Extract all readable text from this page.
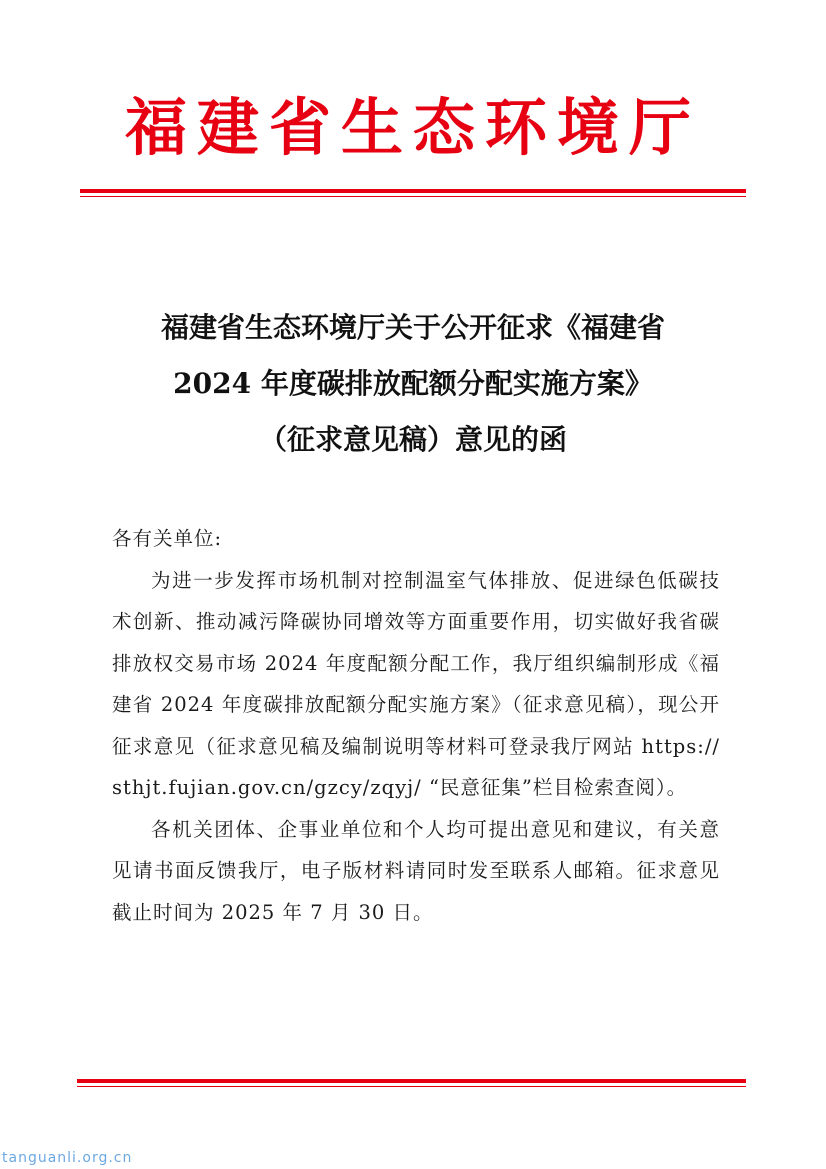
福建省生态环境厅
福建省生态环境厅关于公开征求《福建省
2024 年度碳排放配额分配实施方案》
（征求意见稿）意见的函

各有关单位:

为进一步发挥市场机制对控制温室气体排放、促进绿色低碳技术创新、推动减污降碳协同增效等方面重要作用，切实做好我省碳排放权交易市场 2024 年度配额分配工作，我厅组织编制形成《福建省 2024 年度碳排放配额分配实施方案》（征求意见稿），现公开征求意见（征求意见稿及编制说明等材料可登录我厅网站 https://sthjt.fujian.gov.cn/gzcy/zqyj/ “民意征集”栏目检索查阅）。

各机关团体、企事业单位和个人均可提出意见和建议，有关意见请书面反馈我厅，电子版材料请同时发至联系人邮箱。征求意见截止时间为 2025 年 7 月 30 日。

tanguanli.org.cn
